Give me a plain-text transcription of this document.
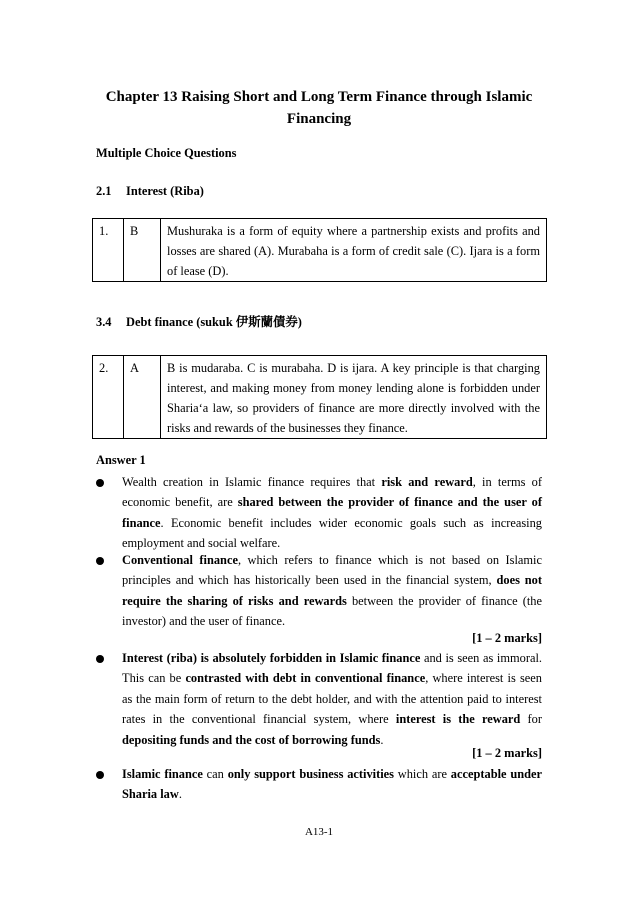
Chapter 13 Raising Short and Long Term Finance through Islamic
Financing
Multiple Choice Questions
2.1 Interest (Riba)
1.	B	Mushuraka is a form of equity where a partnership exists and profits and losses are shared (A). Murabaha is a form of credit sale (C). Ijara is a form of lease (D).
3.4 Debt finance (sukuk 伊斯蘭債券)
2.	A	B is mudaraba. C is murabaha. D is ijara. A key principle is that charging interest, and making money from money lending alone is forbidden under Sharia‘a law, so providers of finance are more directly involved with the risks and rewards of the businesses they finance.
Answer 1
Wealth creation in Islamic finance requires that risk and reward, in terms of economic benefit, are shared between the provider of finance and the user of finance. Economic benefit includes wider economic goals such as increasing employment and social welfare.
Conventional finance, which refers to finance which is not based on Islamic principles and which has historically been used in the financial system, does not require the sharing of risks and rewards between the provider of finance (the investor) and the user of finance.
[1 – 2 marks]
Interest (riba) is absolutely forbidden in Islamic finance and is seen as immoral. This can be contrasted with debt in conventional finance, where interest is seen as the main form of return to the debt holder, and with the attention paid to interest rates in the conventional financial system, where interest is the reward for depositing funds and the cost of borrowing funds.
[1 – 2 marks]
Islamic finance can only support business activities which are acceptable under Sharia law.
A13-1
